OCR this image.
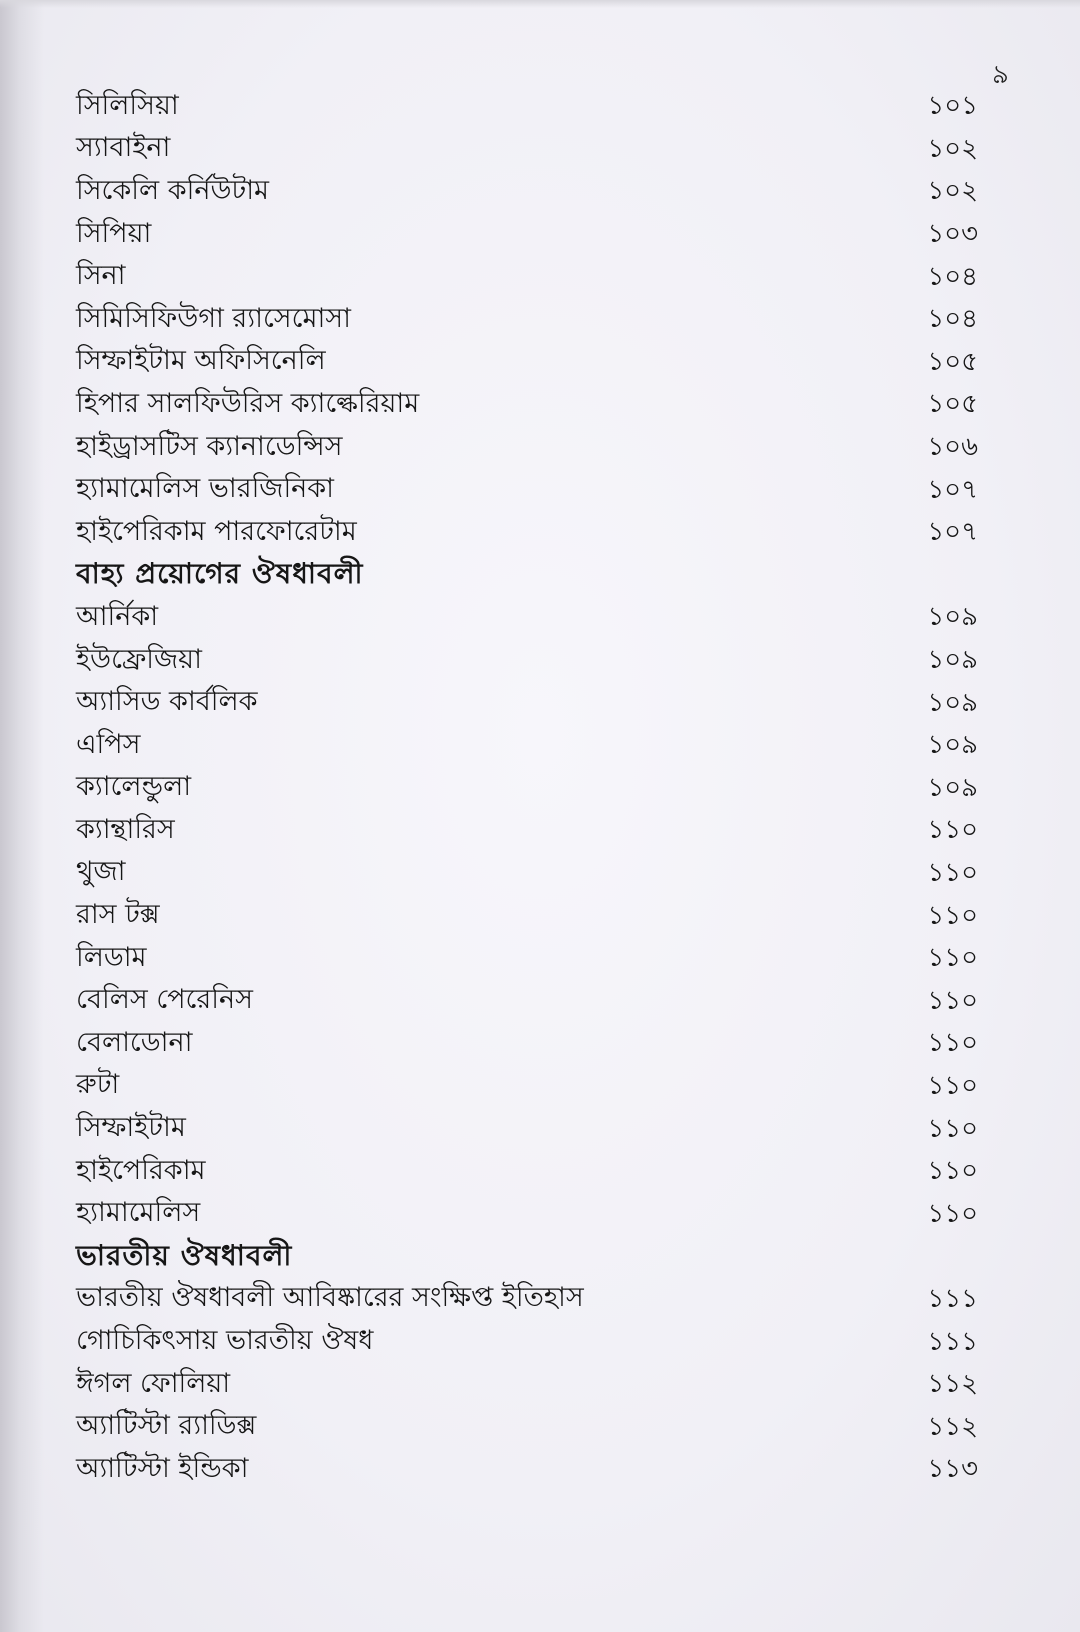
৯
সিলিসিয়া	১০১
স্যাবাইনা	১০২
সিকেলি কর্নিউটাম	১০২
সিপিয়া	১০৩
সিনা	১০৪
সিমিসিফিউগা র‍্যাসেমোসা	১০৪
সিম্ফাইটাম অফিসিনেলি	১০৫
হিপার সালফিউরিস ক্যাল্কেরিয়াম	১০৫
হাইড্রাসটিস ক্যানাডেন্সিস	১০৬
হ্যামামেলিস ভারজিনিকা	১০৭
হাইপেরিকাম পারফোরেটাম	১০৭
বাহ্য প্রয়োগের ঔষধাবলী
আর্নিকা	১০৯
ইউফ্রেজিয়া	১০৯
অ্যাসিড কার্বলিক	১০৯
এপিস	১০৯
ক্যালেন্ডুলা	১০৯
ক্যান্থারিস	১১০
থুজা	১১০
রাস টক্স	১১০
লিডাম	১১০
বেলিস পেরেনিস	১১০
বেলাডোনা	১১০
রুটা	১১০
সিম্ফাইটাম	১১০
হাইপেরিকাম	১১০
হ্যামামেলিস	১১০
ভারতীয় ঔষধাবলী
ভারতীয় ঔষধাবলী আবিষ্কারের সংক্ষিপ্ত ইতিহাস	১১১
গোচিকিৎসায় ভারতীয় ঔষধ	১১১
ঈগল ফোলিয়া	১১২
অ্যাটিস্টা র‍্যাডিক্স	১১২
অ্যাটিস্টা ইন্ডিকা	১১৩
